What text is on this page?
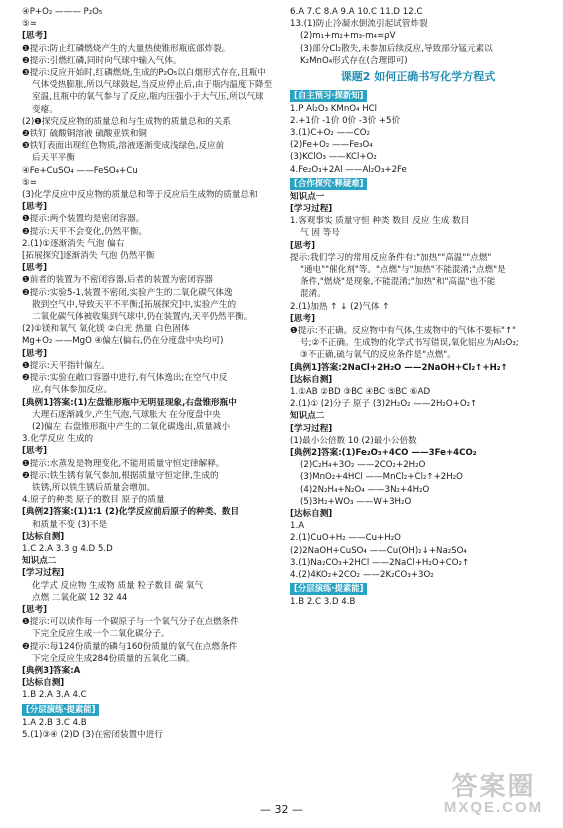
④P+O₂ ——— P₂O₅
⑤=
[思考]
❶提示:防止红磷燃烧产生的大量热使锥形瓶底部炸裂。
❷提示:引燃红磷,同时向气球中输入气体。
❸提示:反应开始时,红磷燃烧,生成的P₂O₅以白烟形式存在,且瓶中
气体受热膨胀,所以气球鼓起,当反应停止后,由于瓶内温度下降至
室温,且瓶中的氧气参与了反应,瓶内压强小于大气压,所以气球
变瘪。
(2)❶探究反应物的质量总和与生成物的质量总和的关系
❷铁钉 硫酸铜溶液 硫酸亚铁和铜
❸铁钉表面出现红色物质,溶液逐渐变成浅绿色,反应前
后天平平衡
④Fe+CuSO₄ ——FeSO₄+Cu
⑤=
(3)化学反应中反应物的质量总和等于反应后生成物的质量总和
[思考]
❶提示:两个装置均是密闭容器。
❷提示:天平不会变化,仍然平衡。
2.(1)①逐渐消失 气泡 偏右
[拓展探究]逐渐消失 气泡 仍然平衡
[思考]
❶前者的装置为不密闭容器,后者的装置为密闭容器
❷提示:实验5-1,装置不密闭,实验产生的二氧化碳气体逸
散到空气中,导致天平不平衡;[拓展探究]中,实验产生的
二氧化碳气体被收集到气球中,仍在装置内,天平仍然平衡。
(2)①镁和氧气 氧化镁 ②白光 热量 白色固体
Mg+O₂ ——MgO ④偏左(偏右,仍在分度盘中央均可)
[思考]
❶提示:天平指针偏左。
❷提示:实验在敞口容器中进行,有气体逸出;在空气中反
应,有气体参加反应。
[典例1]答案:(1)左盘锥形瓶中无明显现象,右盘锥形瓶中
大理石逐渐减少,产生气泡,气球胀大 在分度盘中央
(2)偏左 右盘锥形瓶中产生的二氧化碳逸出,质量减小
3.化学反应 生成的
[思考]
❶提示:水蒸发是物理变化,不能用质量守恒定律解释。
❷提示:铁生锈有氧气参加,根据质量守恒定律,生成的
铁锈,所以铁生锈后质量会增加。
4.原子的种类 原子的数目 原子的质量
[典例2]答案:(1)1∶1 (2)化学反应前后原子的种类、数目
和质量不变 (3)不是
[达标自测]
1.C 2.A 3.3 g 4.D 5.D
知识点二
[学习过程]
化学式 反应物 生成物 质量 粒子数目 碳 氧气
点燃 二氧化碳 12 32 44
[思考]
❶提示:可以读作每一个碳原子与一个氧气分子在点燃条件
下完全反应生成一个二氧化碳分子。
❷提示:每124份质量的磷与160份质量的氧气在点燃条件
下完全反应生成284份质量的五氧化二磷。
[典例3]答案:A
[达标自测]
1.B 2.A 3.A 4.C
[分层演练·提素能]
1.A 2.B 3.C 4.B
5.(1)③④ (2)D (3)在密闭装置中进行
6.A 7.C 8.A 9.A 10.C 11.D 12.C
13.(1)防止冷凝水倒流引起试管炸裂
(2)m₁+m₂+m₃-m₄=ρV
(3)部分Cl₂散失,未参加后续反应,导致部分锰元素以
K₂MnO₄形式存在(合理即可)
课题2 如何正确书写化学方程式
[自主预习·探新知]
1.P Al₂O₃ KMnO₄ HCl
2.+1价 -1价 0价 -3价 +5价
3.(1)C+O₂ ——CO₂
(2)Fe+O₂ ——Fe₃O₄
(3)KClO₃ ——KCl+O₂
4.Fe₂O₃+2Al ——Al₂O₃+2Fe
[合作探究·释疑难]
知识点一
[学习过程]
1.客观事实 质量守恒 种类 数目 反应 生成 数目
气 固 等号
[思考]
提示:我们学习的常用反应条件有:"加热""高温""点燃"
"通电""催化剂"等。"点燃"与"加热"不能混淆;"点燃"是
条件,"燃烧"是现象,不能混淆;"加热"和"高温"也不能
混淆。
2.(1)加热 ↑ ↓ (2)气体 ↑
[思考]
❶提示:不正确。反应物中有气体,生成物中的气体不要标"↑"
号;②不正确。生成物的化学式书写错误,氧化铝应为Al₂O₃;
③不正确,硫与氧气的反应条件是"点燃"。
[典例1]答案:2NaCl+2H₂O ——2NaOH+Cl₂↑+H₂↑
[达标自测]
1.①AB ②BD ③BC ④BC ⑤BC ⑥AD
2.(1)① (2)分子 原子 (3)2H₂O₂ ——2H₂O+O₂↑
知识点二
[学习过程]
(1)最小公倍数 10 (2)最小公倍数
[典例2]答案:(1)Fe₂O₃+4CO ——3Fe+4CO₂
(2)C₂H₄+3O₂ ——2CO₂+2H₂O
(3)MnO₂+4HCl ——MnCl₂+Cl₂↑+2H₂O
(4)2N₂H₄+N₂O₄ ——3N₂+4H₂O
(5)3H₂+WO₃ ——W+3H₂O
[达标自测]
1.A
2.(1)CuO+H₂ ——Cu+H₂O
(2)2NaOH+CuSO₄ ——Cu(OH)₂↓+Na₂SO₄
3.(1)Na₂CO₃+2HCl ——2NaCl+H₂O+CO₂↑
4.(2)4KO₂+2CO₂ ——2K₂CO₃+3O₂
[分层演练·提素能]
1.B 2.C 3.D 4.B
— 32 —
答案圈
MXQE.COM
